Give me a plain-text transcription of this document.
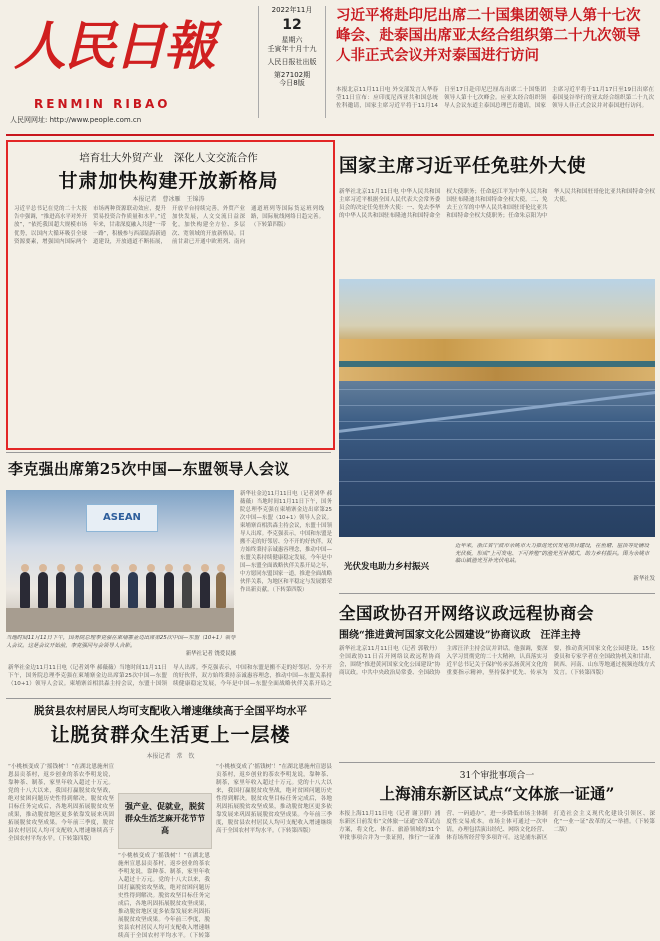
人民日報
RENMIN RIBAO
人民网网址: http://www.people.com.cn
2022年11月
12
星期六
壬寅年十月十九
人民日报社出版
第27102期
今日8版
习近平将赴印尼出席二十国集团领导人第十七次峰会、赴泰国出席亚太经合组织第二十九次领导人非正式会议并对泰国进行访问
本报北京11月11日电 外交部发言人华春莹11日宣布：应印度尼西亚共和国总统佐科邀请，国家主席习近平将于11月14日至17日赴印尼巴厘岛出席二十国集团领导人第十七次峰会。应亚太经合组织领导人会议东道主泰国总理巴育邀请，国家主席习近平将于11月17日至19日出席在泰国曼谷举行的亚太经合组织第二十九次领导人非正式会议并对泰国进行访问。
培育壮大外贸产业　深化人文交流合作
甘肃加快构建开放新格局
本报记者　曹冰雁　王锦涛
习近平总书记在党的二十大报告中强调，“推进高水平对外开放”，“依托我国超大规模市场优势，以国内大循环吸引全球资源要素，增强国内国际两个市场两种资源联动效应，提升贸易投资合作质量和水平。”近年来，甘肃深度融入共建“一带一路”，积极参与西部陆海新通道建设，开放通道不断拓展，开放平台持续完善，外贸产业加快发展，人文交流日益深化，加快构建全方位、多层次、宽领域的开放新格局。目前甘肃已开通中欧班列、南向通道班列等国际货运班列线路，国际航线网络日趋完善。（下转第四版）
国家主席习近平任免驻外大使
新华社北京11月11日电 中华人民共和国主席习近平根据全国人民代表大会常务委员会的决定任免驻外大使：一、免去李华的中华人民共和国驻布隆迪共和国特命全权大使职务；任命赵江平为中华人民共和国驻布隆迪共和国特命全权大使。二、免去王立军的中华人民共和国驻哥伦比亚共和国特命全权大使职务；任命朱京阳为中华人民共和国驻哥伦比亚共和国特命全权大使。
光伏发电助力乡村振兴
近年来，浙江省宁波市余姚市大力推进光伏发电项目建设，在鱼塘、屋顶等处铺设光伏板，形成“上可发电、下可养殖”的渔光互补模式，助力乡村振兴。图为余姚市临山镇渔光互补光伏电站。
新华社发
李克强出席第25次中国—东盟领导人会议
ASEAN
当地时间11月11日下午，国务院总理李克强在柬埔寨金边出席第25次中国—东盟（10+1）领导人会议。这是会议开始前，李克强同与会领导人合影。
新华社记者 饶爱民摄
新华社金边11月11日电（记者刘华 郝薇薇）当地时间11月11日下午，国务院总理李克强在柬埔寨金边出席第25次中国—东盟（10+1）领导人会议。柬埔寨首相洪森主持会议，东盟十国领导人出席。李克强表示，中国和东盟是搬不走的好邻居、分不开的好伙伴，双方始终秉持亲诚惠容理念，推动中国—东盟关系持续健康稳定发展，今年是中国—东盟全面战略伙伴关系开局之年，中方愿同东盟国家一道，推进全面战略伙伴关系，为地区和平稳定与发展繁荣作出新贡献。（下转第四版）
新华社金边11月11日电（记者刘华 郝薇薇）当地时间11月11日下午，国务院总理李克强在柬埔寨金边出席第25次中国—东盟（10+1）领导人会议。柬埔寨首相洪森主持会议，东盟十国领导人出席。李克强表示，中国和东盟是搬不走的好邻居、分不开的好伙伴，双方始终秉持亲诚惠容理念，推动中国—东盟关系持续健康稳定发展，今年是中国—东盟全面战略伙伴关系开局之
脱贫县农村居民人均可支配收入增速继续高于全国平均水平
让脱贫群众生活更上一层楼
本报记者　常　钦
“小桃核变成了‘摇钱树’！”在湖北恩施州宣恩县贡茶村，返乡创业的茶农李明龙说，靠种茶、制茶，家里年收入超过十万元。党的十八大以来，我国打赢脱贫攻坚战，绝对贫困问题历史性得到解决。脱贫攻坚目标任务完成后，各地巩固拓展脱贫攻坚成果，推动脱贫地区更多依靠发展来巩固拓展脱贫攻坚成果。今年前三季度，脱贫县农村居民人均可支配收入增速继续高于全国农村平均水平。（下转第四版）
强产业、促就业，脱贫群众生活芝麻开花节节高
“小桃核变成了‘摇钱树’！”在湖北恩施州宣恩县贡茶村，返乡创业的茶农李明龙说，靠种茶、制茶，家里年收入超过十万元。党的十八大以来，我国打赢脱贫攻坚战，绝对贫困问题历史性得到解决。脱贫攻坚目标任务完成后，各地巩固拓展脱贫攻坚成果，推动脱贫地区更多依靠发展来巩固拓展脱贫攻坚成果。今年前三季度，脱贫县农村居民人均可支配收入增速继续高于全国农村平均水平。（下转第
“小桃核变成了‘摇钱树’！”在湖北恩施州宣恩县贡茶村，返乡创业的茶农李明龙说，靠种茶、制茶，家里年收入超过十万元。党的十八大以来，我国打赢脱贫攻坚战，绝对贫困问题历史性得到解决。脱贫攻坚目标任务完成后，各地巩固拓展脱贫攻坚成果，推动脱贫地区更多依靠发展来巩固拓展脱贫攻坚成果。今年前三季度，脱贫县农村居民人均可支配收入增速继续高于全国农村平均水平。（下转第四版）
全国政协召开网络议政远程协商会
围绕“推进黄河国家文化公园建设”协商议政　汪洋主持
新华社北京11月11日电（记者 郭敬丹）全国政协11日召开网络议政远程协商会，围绕“推进黄河国家文化公园建设”协商议政。中共中央政治局常委、全国政协主席汪洋主持会议并讲话。他强调，要深入学习贯彻党的二十大精神，认真落实习近平总书记关于保护传承弘扬黄河文化的重要指示精神，坚持保护优先、传承为要，推动黄河国家文化公园建设。15位委员和专家学者在全国政协机关和甘肃、陕西、河南、山东等地通过视频连线方式发言。（下转第四版）
31个审批事项合一
上海浦东新区试点“文体旅一证通”
本报上海11月11日电（记者 谢卫群）浦东新区日前发布“文体旅一证通”改革试点方案，将文化、体育、旅游领域的31个审批事项合并为一张证照，推行“一证准营、一码通办”，进一步降低市场主体制度性交易成本。市场主体可通过一次申请，办理包括演出经纪、网络文化经营、体育场所经营等多项许可。这是浦东新区打造社会主义现代化建设引领区、深化“一业一证”改革的又一举措。（下转第二版）
